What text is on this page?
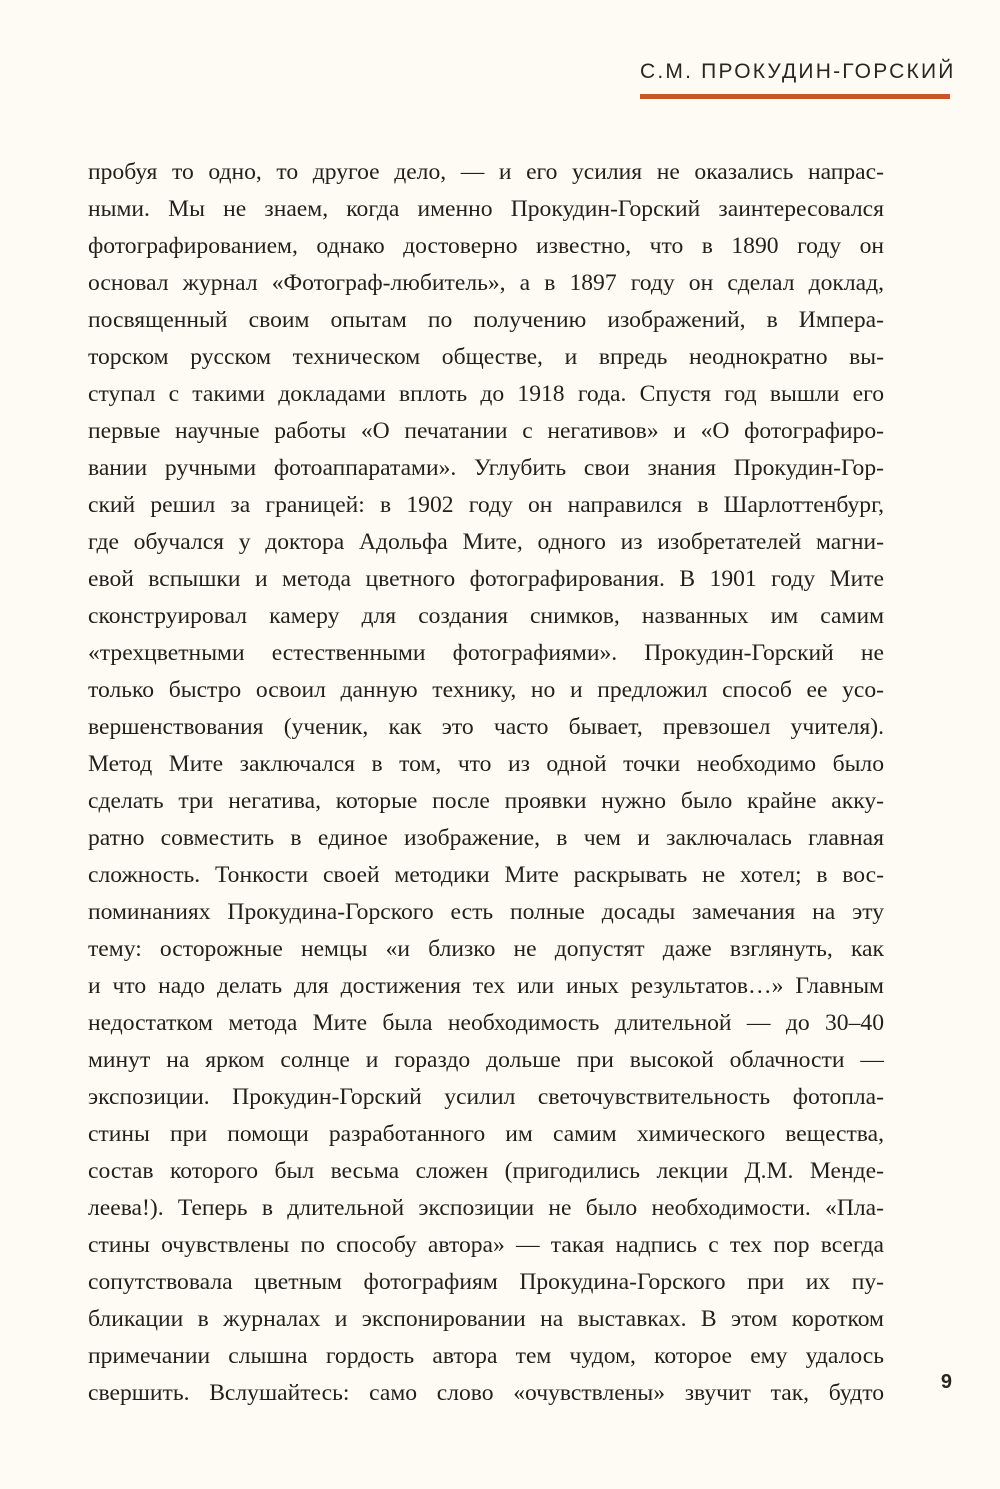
С.М. ПРОКУДИН-ГОРСКИЙ
пробуя то одно, то другое дело, — и его усилия не оказались напрас-
ными. Мы не знаем, когда именно Прокудин-Горский заинтересовался
фотографированием, однако достоверно известно, что в 1890 году он
основал журнал «Фотограф-любитель», а в 1897 году он сделал доклад,
посвященный своим опытам по получению изображений, в Импера-
торском русском техническом обществе, и впредь неоднократно вы-
ступал с такими докладами вплоть до 1918 года. Спустя год вышли его
первые научные работы «О печатании с негативов» и «О фотографиро-
вании ручными фотоаппаратами». Углубить свои знания Прокудин-Гор-
ский решил за границей: в 1902 году он направился в Шарлоттенбург,
где обучался у доктора Адольфа Мите, одного из изобретателей магни-
евой вспышки и метода цветного фотографирования. В 1901 году Мите
сконструировал камеру для создания снимков, названных им самим
«трехцветными естественными фотографиями». Прокудин-Горский не
только быстро освоил данную технику, но и предложил способ ее усо-
вершенствования (ученик, как это часто бывает, превзошел учителя).
Метод Мите заключался в том, что из одной точки необходимо было
сделать три негатива, которые после проявки нужно было крайне акку-
ратно совместить в единое изображение, в чем и заключалась главная
сложность. Тонкости своей методики Мите раскрывать не хотел; в вос-
поминаниях Прокудина-Горского есть полные досады замечания на эту
тему: осторожные немцы «и близко не допустят даже взглянуть, как
и что надо делать для достижения тех или иных результатов…» Главным
недостатком метода Мите была необходимость длительной — до 30–40
минут на ярком солнце и гораздо дольше при высокой облачности —
экспозиции. Прокудин-Горский усилил светочувствительность фотопла-
стины при помощи разработанного им самим химического вещества,
состав которого был весьма сложен (пригодились лекции Д.М. Менде-
леева!). Теперь в длительной экспозиции не было необходимости. «Пла-
стины очувствлены по способу автора» — такая надпись с тех пор всегда
сопутствовала цветным фотографиям Прокудина-Горского при их пу-
бликации в журналах и экспонировании на выставках. В этом коротком
примечании слышна гордость автора тем чудом, которое ему удалось
свершить. Вслушайтесь: само слово «очувствлены» звучит так, будто	9
